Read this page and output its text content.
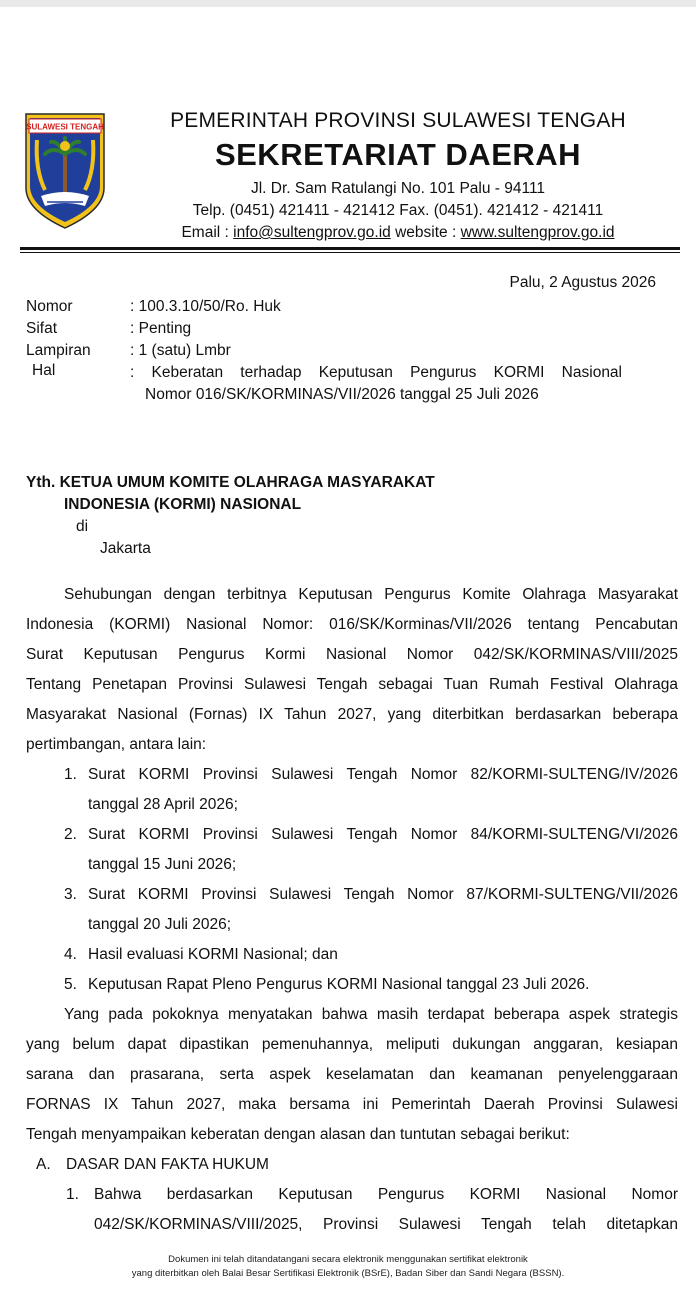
SULAWESI TENGAH	PEMERINTAH PROVINSI SULAWESI TENGAH
SEKRETARIAT DAERAH
Jl. Dr. Sam Ratulangi No. 101 Palu - 94111
Telp. (0451) 421411 - 421412 Fax. (0451). 421412 - 421411
Email : info@sultengprov.go.id website : www.sultengprov.go.id
Palu, 2 Agustus 2026
Nomor	: 100.3.10/50/Ro. Huk
Sifat	: Penting
Lampiran	: 1 (satu) Lmbr
Hal	: Keberatan terhadap Keputusan Pengurus KORMI Nasional
Nomor 016/SK/KORMINAS/VII/2026 tanggal 25 Juli 2026
Yth. KETUA UMUM KOMITE OLAHRAGA MASYARAKAT
INDONESIA (KORMI) NASIONAL
di
Jakarta
Sehubungan dengan terbitnya Keputusan Pengurus Komite Olahraga Masyarakat
Indonesia (KORMI) Nasional Nomor: 016/SK/Korminas/VII/2026 tentang Pencabutan
Surat Keputusan Pengurus Kormi Nasional Nomor 042/SK/KORMINAS/VIII/2025
Tentang Penetapan Provinsi Sulawesi Tengah sebagai Tuan Rumah Festival Olahraga
Masyarakat Nasional (Fornas) IX Tahun 2027, yang diterbitkan berdasarkan beberapa
pertimbangan, antara lain:
1. Surat KORMI Provinsi Sulawesi Tengah Nomor 82/KORMI-SULTENG/IV/2026
tanggal 28 April 2026;
2. Surat KORMI Provinsi Sulawesi Tengah Nomor 84/KORMI-SULTENG/VI/2026
tanggal 15 Juni 2026;
3. Surat KORMI Provinsi Sulawesi Tengah Nomor 87/KORMI-SULTENG/VII/2026
tanggal 20 Juli 2026;
4. Hasil evaluasi KORMI Nasional; dan
5. Keputusan Rapat Pleno Pengurus KORMI Nasional tanggal 23 Juli 2026.
Yang pada pokoknya menyatakan bahwa masih terdapat beberapa aspek strategis
yang belum dapat dipastikan pemenuhannya, meliputi dukungan anggaran, kesiapan
sarana dan prasarana, serta aspek keselamatan dan keamanan penyelenggaraan
FORNAS IX Tahun 2027, maka bersama ini Pemerintah Daerah Provinsi Sulawesi
Tengah menyampaikan keberatan dengan alasan dan tuntutan sebagai berikut:
A. DASAR DAN FAKTA HUKUM
1. Bahwa berdasarkan Keputusan Pengurus KORMI Nasional Nomor
042/SK/KORMINAS/VIII/2025, Provinsi Sulawesi Tengah telah ditetapkan
Dokumen ini telah ditandatangani secara elektronik menggunakan sertifikat elektronik
yang diterbitkan oleh Balai Besar Sertifikasi Elektronik (BSrE), Badan Siber dan Sandi Negara (BSSN).
